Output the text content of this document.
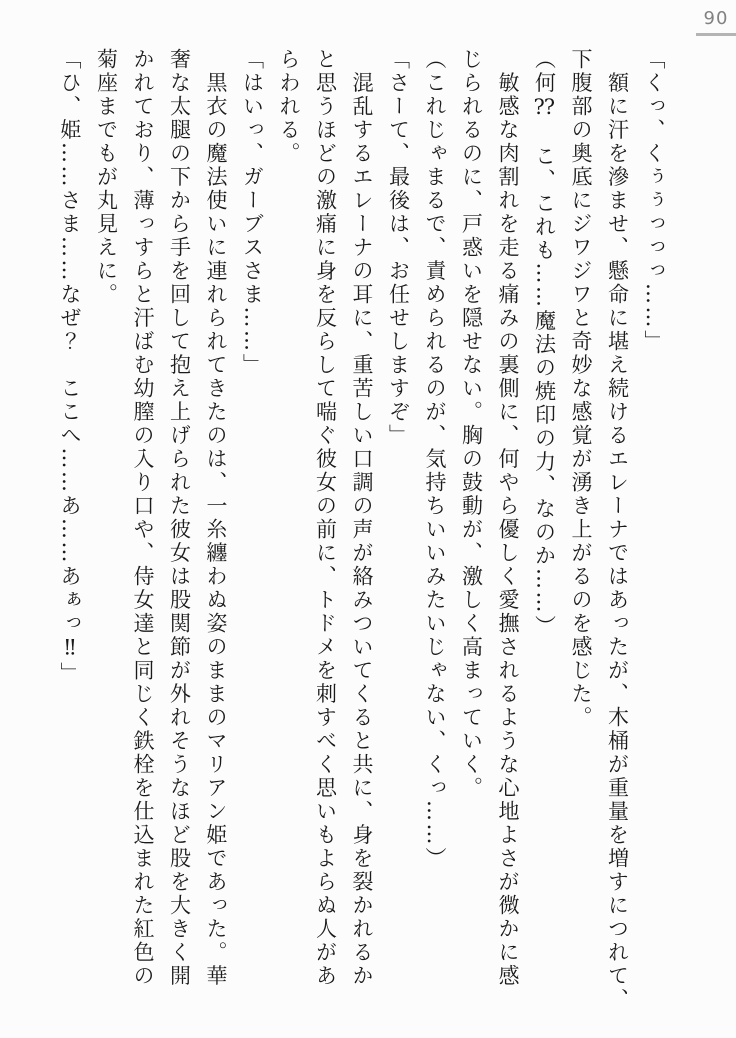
90
「くっ、くぅぅっっっ……」
　額に汗を滲ませ、懸命に堪え続けるエレーナではあったが、木桶が重量を増すにつれて、
下腹部の奥底にジワジワと奇妙な感覚が湧き上がるのを感じた。
（何⁇　こ、これも……魔法の焼印の力、なのか……）
　敏感な肉割れを走る痛みの裏側に、何やら優しく愛撫されるような心地よさが微かに感
じられるのに、戸惑いを隠せない。胸の鼓動が、激しく高まっていく。
（これじゃまるで、責められるのが、気持ちいいみたいじゃない、くっ……）
「さーて、最後は、お任せしますぞ」
　混乱するエレーナの耳に、重苦しい口調の声が絡みついてくると共に、身を裂かれるか
と思うほどの激痛に身を反らして喘ぐ彼女の前に、トドメを刺すべく思いもよらぬ人があ
らわれる。
「はいっ、ガーブスさま……」
　黒衣の魔法使いに連れられてきたのは、一糸纏わぬ姿のままのマリアン姫であった。華
奢な太腿の下から手を回して抱え上げられた彼女は股関節が外れそうなほど股を大きく開
かれており、薄っすらと汗ばむ幼膣の入り口や、侍女達と同じく鉄栓を仕込まれた紅色の
菊座までもが丸見えに。
「ひ、姫……さま……なぜ？　ここへ……あ……あぁっ‼」
